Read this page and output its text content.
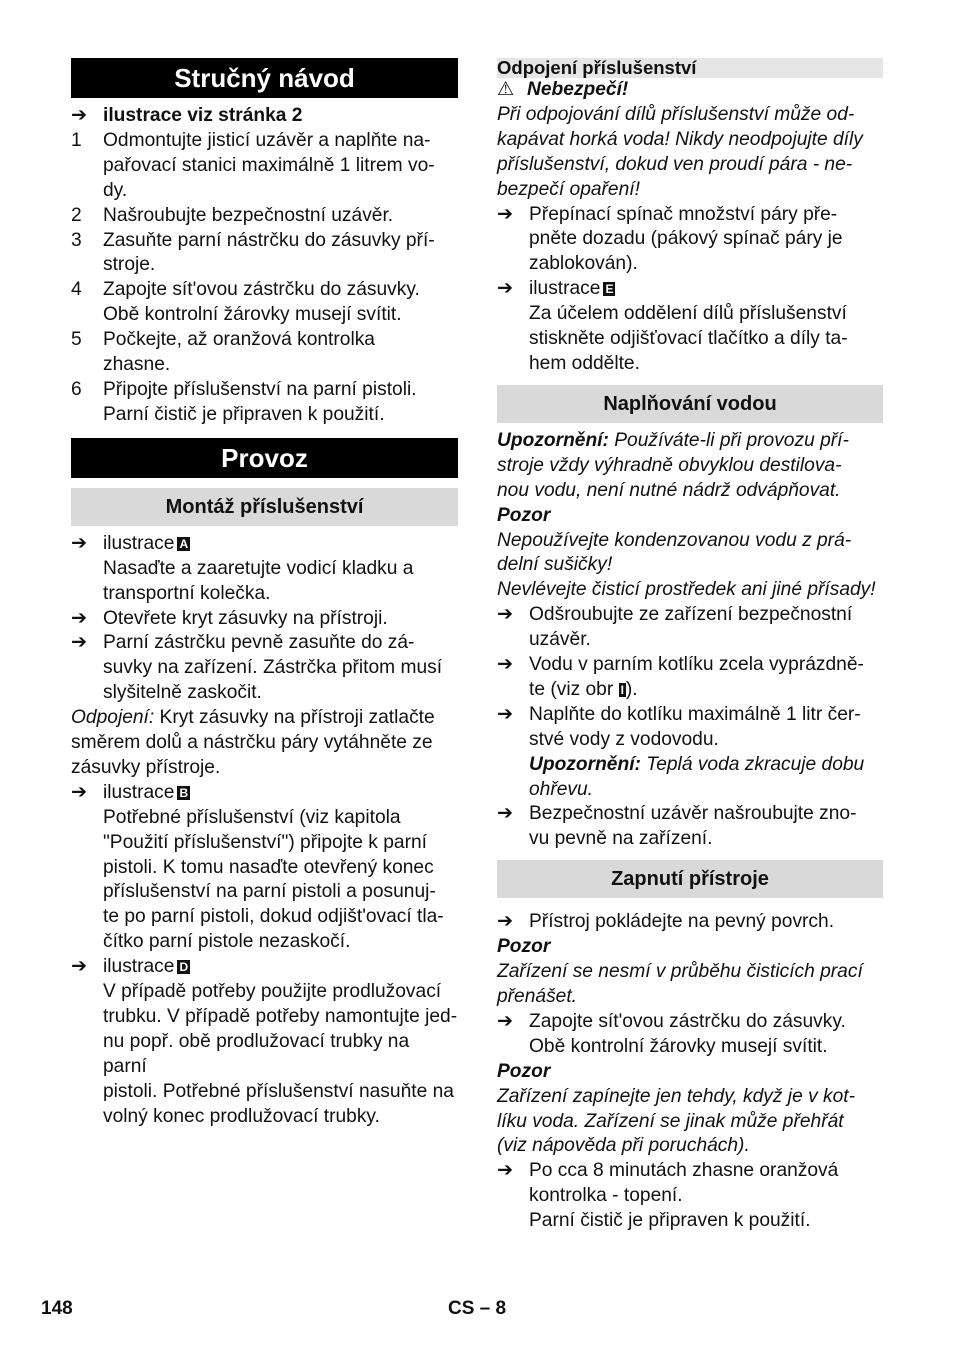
Stručný návod
➔ ilustrace viz stránka 2
1	Odmontujte jisticí uzávěr a naplňte na-

pařovací stanici maximálně 1 litrem vo-

dy.

2	Našroubujte bezpečnostní uzávěr.

3	Zasuňte parní nástrčku do zásuvky pří-

stroje.

4	Zapojte sít'ovou zástrčku do zásuvky.

Obě kontrolní žárovky musejí svítit.

5	Počkejte, až oranžová kontrolka

zhasne.

6	Připojte příslušenství na parní pistoli.

Parní čistič je připraven k použití.

Provoz
Montáž příslušenství
➔ ilustrace A

Nasaďte a zaaretujte vodicí kladku a

transportní kolečka.

➔ Otevřete kryt zásuvky na přístroji.
➔ Parní zástrčku pevně zasuňte do zá-

suvky na zařízení. Zástrčka přitom musí

slyšitelně zaskočit.

Odpojení: Kryt zásuvky na přístroji zatlačte

směrem dolů a nástrčku páry vytáhněte ze

zásuvky přístroje.

➔ ilustrace B

Potřebné příslušenství (viz kapitola

"Použití příslušenství") připojte k parní

pistoli. K tomu nasaďte otevřený konec

příslušenství na parní pistoli a posunuj-

te po parní pistoli, dokud odjišt'ovací tla-

čítko parní pistole nezaskočí.

➔ ilustrace D

V případě potřeby použijte prodlužovací

trubku. V případě potřeby namontujte jed-

nu popř. obě prodlužovací trubky na parní

pistoli. Potřebné příslušenství nasuňte na

volný konec prodlužovací trubky.

Odpojení příslušenství

⚠ Nebezpečí!

Při odpojování dílů příslušenství může od-

kapávat horká voda! Nikdy neodpojujte díly

příslušenství, dokud ven proudí pára - ne-

bezpečí opaření!

➔ Přepínací spínač množství páry pře-

pněte dozadu (pákový spínač páry je

zablokován).

➔ ilustrace E

Za účelem oddělení dílů příslušenství

stiskněte odjišťovací tlačítko a díly ta-

hem oddělte.

Naplňování vodou

Upozornění: Používáte-li při provozu pří-

stroje vždy výhradně obvyklou destilova-

nou vodu, není nutné nádrž odvápňovat.

Pozor

Nepoužívejte kondenzovanou vodu z prá-

delní sušičky!

Nevlévejte čisticí prostředek ani jiné přísady!

➔ Odšroubujte ze zařízení bezpečnostní

uzávěr.

➔ Vodu v parním kotlíku zcela vyprázdně-

te (viz obr I ).

➔ Naplňte do kotlíku maximálně 1 litr čer-

stvé vody z vodovodu.

Upozornění: Teplá voda zkracuje dobu

ohřevu.

➔ Bezpečnostní uzávěr našroubujte zno-

vu pevně na zařízení.

Zapnutí přístroje
➔ Přístroj pokládejte na pevný povrch.

Pozor

Zařízení se nesmí v průběhu čisticích prací

přenášet.

➔ Zapojte sít'ovou zástrčku do zásuvky.

Obě kontrolní žárovky musejí svítit.

Pozor

Zařízení zapínejte jen tehdy, když je v kot-

líku voda. Zařízení se jinak může přehřát

(viz nápověda při poruchách).

➔ Po cca 8 minutách zhasne oranžová

kontrolka - topení.

Parní čistič je připraven k použití.

148	CS – 8
